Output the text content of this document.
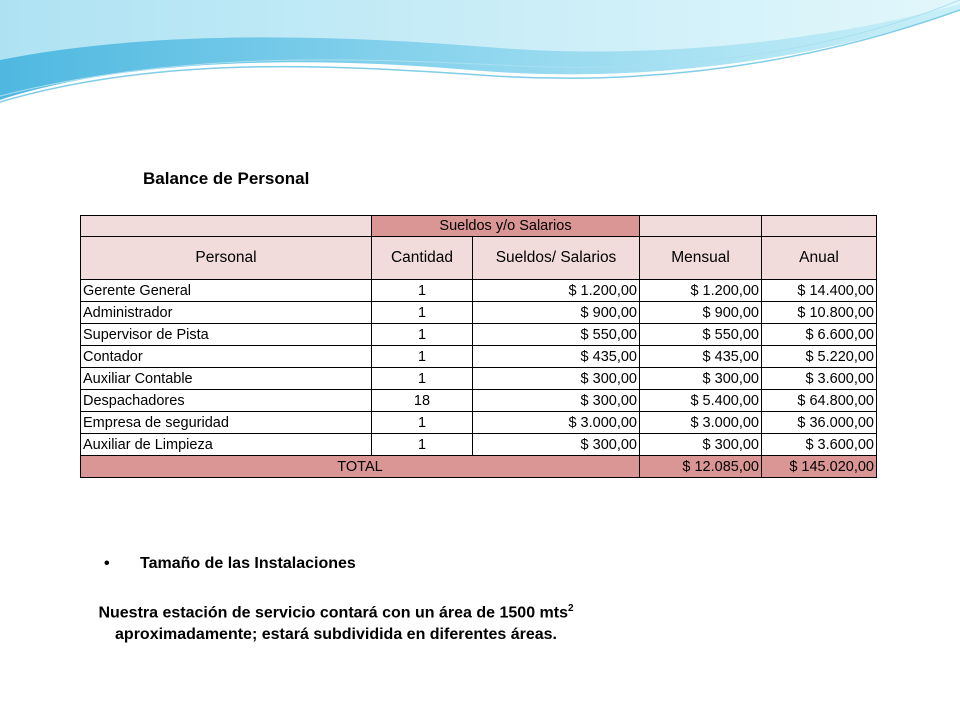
Balance de Personal
	Sueldos y/o Salarios			
Personal	Cantidad	Sueldos/ Salarios	Mensual	Anual
Gerente General	1	$ 1.200,00	$ 1.200,00	$ 14.400,00
Administrador	1	$ 900,00	$ 900,00	$ 10.800,00
Supervisor de Pista	1	$ 550,00	$ 550,00	$ 6.600,00
Contador	1	$ 435,00	$ 435,00	$ 5.220,00
Auxiliar Contable	1	$ 300,00	$ 300,00	$ 3.600,00
Despachadores	18	$ 300,00	$ 5.400,00	$ 64.800,00
Empresa de seguridad	1	$ 3.000,00	$ 3.000,00	$ 36.000,00
Auxiliar de Limpieza	1	$ 300,00	$ 300,00	$ 3.600,00
TOTAL			$ 12.085,00	$ 145.020,00
•	Tamaño de las Instalaciones
Nuestra estación de servicio contará con un área de 1500 mts$^2$ aproximadamente; estará subdividida en diferentes áreas.
